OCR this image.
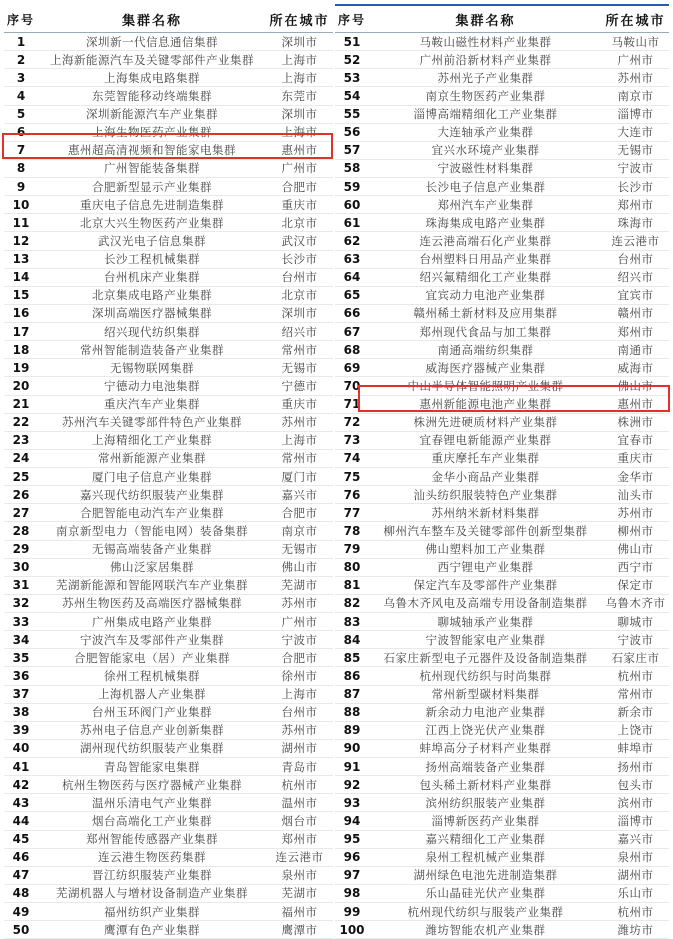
序号	集群名称	所在城市
1	深圳新一代信息通信集群	深圳市
2	上海新能源汽车及关键零部件产业集群	上海市
3	上海集成电路集群	上海市
4	东莞智能移动终端集群	东莞市
5	深圳新能源汽车产业集群	深圳市
6	上海生物医药产业集群	上海市
7	惠州超高清视频和智能家电集群	惠州市
8	广州智能装备集群	广州市
9	合肥新型显示产业集群	合肥市
10	重庆电子信息先进制造集群	重庆市
11	北京大兴生物医药产业集群	北京市
12	武汉光电子信息集群	武汉市
13	长沙工程机械集群	长沙市
14	台州机床产业集群	台州市
15	北京集成电路产业集群	北京市
16	深圳高端医疗器械集群	深圳市
17	绍兴现代纺织集群	绍兴市
18	常州智能制造装备产业集群	常州市
19	无锡物联网集群	无锡市
20	宁德动力电池集群	宁德市
21	重庆汽车产业集群	重庆市
22	苏州汽车关键零部件特色产业集群	苏州市
23	上海精细化工产业集群	上海市
24	常州新能源产业集群	常州市
25	厦门电子信息产业集群	厦门市
26	嘉兴现代纺织服装产业集群	嘉兴市
27	合肥智能电动汽车产业集群	合肥市
28	南京新型电力（智能电网）装备集群	南京市
29	无锡高端装备产业集群	无锡市
30	佛山泛家居集群	佛山市
31	芜湖新能源和智能网联汽车产业集群	芜湖市
32	苏州生物医药及高端医疗器械集群	苏州市
33	广州集成电路产业集群	广州市
34	宁波汽车及零部件产业集群	宁波市
35	合肥智能家电（居）产业集群	合肥市
36	徐州工程机械集群	徐州市
37	上海机器人产业集群	上海市
38	台州玉环阀门产业集群	台州市
39	苏州电子信息产业创新集群	苏州市
40	湖州现代纺织服装产业集群	湖州市
41	青岛智能家电集群	青岛市
42	杭州生物医药与医疗器械产业集群	杭州市
43	温州乐清电气产业集群	温州市
44	烟台高端化工产业集群	烟台市
45	郑州智能传感器产业集群	郑州市
46	连云港生物医药集群	连云港市
47	晋江纺织服装产业集群	泉州市
48	芜湖机器人与增材设备制造产业集群	芜湖市
49	福州纺织产业集群	福州市
50	鹰潭有色产业集群	鹰潭市
序号	集群名称	所在城市
51	马鞍山磁性材料产业集群	马鞍山市
52	广州前沿新材料产业集群	广州市
53	苏州光子产业集群	苏州市
54	南京生物医药产业集群	南京市
55	淄博高端精细化工产业集群	淄博市
56	大连轴承产业集群	大连市
57	宜兴水环境产业集群	无锡市
58	宁波磁性材料集群	宁波市
59	长沙电子信息产业集群	长沙市
60	郑州汽车产业集群	郑州市
61	珠海集成电路产业集群	珠海市
62	连云港高端石化产业集群	连云港市
63	台州塑料日用品产业集群	台州市
64	绍兴氟精细化工产业集群	绍兴市
65	宜宾动力电池产业集群	宜宾市
66	赣州稀土新材料及应用集群	赣州市
67	郑州现代食品与加工集群	郑州市
68	南通高端纺织集群	南通市
69	威海医疗器械产业集群	威海市
70	中山半导体智能照明产业集群	佛山市
71	惠州新能源电池产业集群	惠州市
72	株洲先进硬质材料产业集群	株洲市
73	宜春锂电新能源产业集群	宜春市
74	重庆摩托车产业集群	重庆市
75	金华小商品产业集群	金华市
76	汕头纺织服装特色产业集群	汕头市
77	苏州纳米新材料集群	苏州市
78	柳州汽车整车及关键零部件创新型集群	柳州市
79	佛山塑料加工产业集群	佛山市
80	西宁锂电产业集群	西宁市
81	保定汽车及零部件产业集群	保定市
82	乌鲁木齐风电及高端专用设备制造集群	乌鲁木齐市
83	聊城轴承产业集群	聊城市
84	宁波智能家电产业集群	宁波市
85	石家庄新型电子元器件及设备制造集群	石家庄市
86	杭州现代纺织与时尚集群	杭州市
87	常州新型碳材料集群	常州市
88	新余动力电池产业集群	新余市
89	江西上饶光伏产业集群	上饶市
90	蚌埠高分子材料产业集群	蚌埠市
91	扬州高端装备产业集群	扬州市
92	包头稀土新材料产业集群	包头市
93	滨州纺织服装产业集群	滨州市
94	淄博新医药产业集群	淄博市
95	嘉兴精细化工产业集群	嘉兴市
96	泉州工程机械产业集群	泉州市
97	湖州绿色电池先进制造集群	湖州市
98	乐山晶硅光伏产业集群	乐山市
99	杭州现代纺织与服装产业集群	杭州市
100	潍坊智能农机产业集群	潍坊市
